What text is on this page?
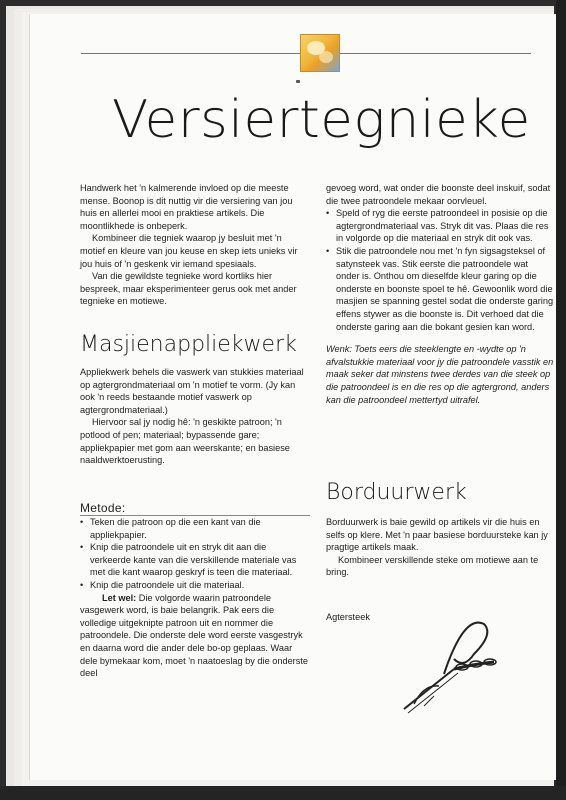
Versiertegnieke

Handwerk het 'n kalmerende invloed op die meeste mense. Boonop is dit nuttig vir die versiering van jou huis en allerlei mooi en praktiese artikels. Die moontlikhede is onbeperk.

Kombineer die tegniek waarop jy besluit met 'n motief en kleure van jou keuse en skep iets unieks vir jou huis of 'n geskenk vir iemand spesiaals.

Van die gewildste tegnieke word kortliks hier bespreek, maar eksperimenteer gerus ook met ander tegnieke en motiewe.

Masjienappliekwerk

Appliekwerk behels die vaswerk van stukkies materiaal op agtergrondmateriaal om 'n motief te vorm. (Jy kan ook 'n reeds bestaande motief vaswerk op agtergrondmateriaal.)

Hiervoor sal jy nodig hê: 'n geskikte patroon; 'n potlood of pen; materiaal; bypassende gare; appliekpapier met gom aan weerskante; en basiese naaldwerktoerusting.

Metode:
• Teken die patroon op die een kant van die appliekpapier.
• Knip die patroondele uit en stryk dit aan die verkeerde kante van die verskillende materiale vas met die kant waarop geskryf is teen die materiaal.
• Knip die patroondele uit die materiaal.

Let wel: Die volgorde waarin patroondele vasgewerk word, is baie belangrik. Pak eers die volledige uitgeknipte patroon uit en nommer die patroondele. Die onderste dele word eerste vasgestryk en daarna word die ander dele bo-op geplaas. Waar dele bymekaar kom, moet 'n naatoeslag by die onderste deel

gevoeg word, wat onder die boonste deel inskuif, sodat die twee patroondele mekaar oorvleuel.

• Speld of ryg die eerste patroondeel in posisie op die agtergrondmateriaal vas. Stryk dit vas. Plaas die res in volgorde op die materiaal en stryk dit ook vas.
• Stik die patroondele nou met 'n fyn sigsagsteksel of satynsteek vas. Stik eerste die patroondele wat onder is. Onthou om dieselfde kleur garing op die onderste en boonste spoel te hê. Gewoonlik word die masjien se spanning gestel sodat die onderste garing effens stywer as die boonste is. Dit verhoed dat die onderste garing aan die bokant gesien kan word.

Wenk: Toets eers die steeklengte en -wydte op 'n afvalstukkie materiaal voor jy die patroondele vasstik en maak seker dat minstens twee derdes van die steek op die patroondeel is en die res op die agtergrond, anders kan die patroondeel mettertyd uitrafel.

Borduurwerk

Borduurwerk is baie gewild op artikels vir die huis en selfs op klere. Met 'n paar basiese borduursteke kan jy pragtige artikels maak.

Kombineer verskillende steke om motiewe aan te bring.

Agtersteek
